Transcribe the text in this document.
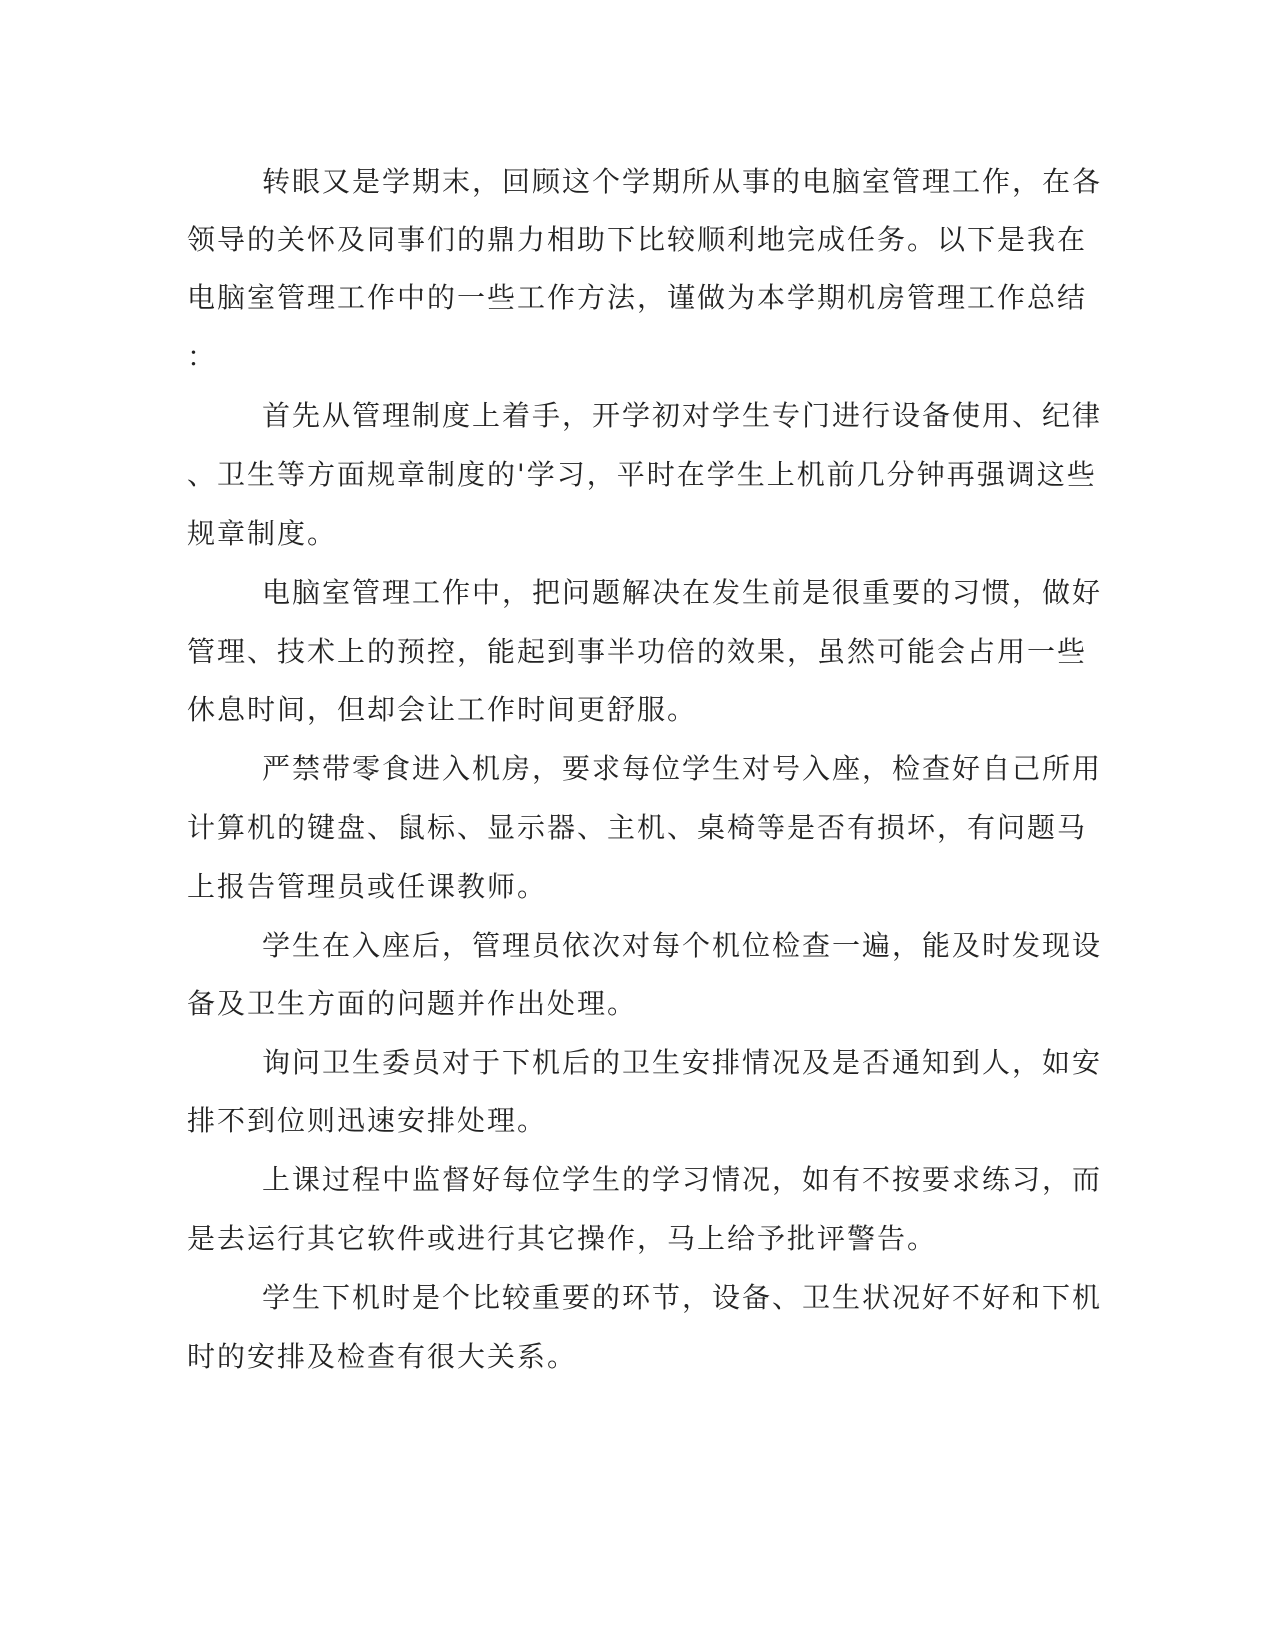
转眼又是学期末，回顾这个学期所从事的电脑室管理工作，在各
领导的关怀及同事们的鼎力相助下比较顺利地完成任务。以下是我在
电脑室管理工作中的一些工作方法，谨做为本学期机房管理工作总结
：
首先从管理制度上着手，开学初对学生专门进行设备使用、纪律
、卫生等方面规章制度的'学习，平时在学生上机前几分钟再强调这些
规章制度。
电脑室管理工作中，把问题解决在发生前是很重要的习惯，做好
管理、技术上的预控，能起到事半功倍的效果，虽然可能会占用一些
休息时间，但却会让工作时间更舒服。
严禁带零食进入机房，要求每位学生对号入座，检查好自己所用
计算机的键盘、鼠标、显示器、主机、桌椅等是否有损坏，有问题马
上报告管理员或任课教师。
学生在入座后，管理员依次对每个机位检查一遍，能及时发现设
备及卫生方面的问题并作出处理。
询问卫生委员对于下机后的卫生安排情况及是否通知到人，如安
排不到位则迅速安排处理。
上课过程中监督好每位学生的学习情况，如有不按要求练习，而
是去运行其它软件或进行其它操作，马上给予批评警告。
学生下机时是个比较重要的环节，设备、卫生状况好不好和下机
时的安排及检查有很大关系。
